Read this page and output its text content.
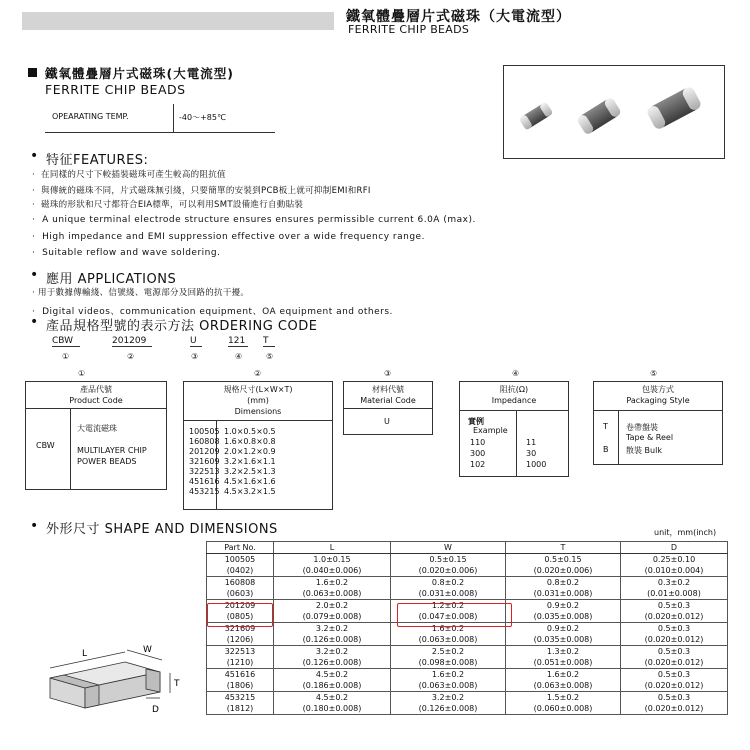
鐵氧體疊層片式磁珠（大電流型）
FERRITE CHIP BEADS
鐵氧體疊層片式磁珠(大電流型)
FERRITE CHIP BEADS
OPEARATING TEMP.	-40～+85℃
• 特征FEATURES:
·  在同樣的尺寸下較插裝磁珠可產生較高的阻抗值
·  與傳統的磁珠不同，片式磁珠無引綫，只要簡單的安裝到PCB板上就可抑制EMI和RFI
·  磁珠的形狀和尺寸都符合EIA標準，可以利用SMT設備進行自動貼裝
·  A unique terminal electrode structure ensures ensures permissible current 6.0A (max).
·  High impedance and EMI suppression effective over a wide frequency range.
·  Suitable reflow and wave soldering.
• 應用 APPLICATIONS
· 用于數據傳輸綫、信號綫、電源部分及回路的抗干擾。
·  Digital videos、communication equipment、OA equipment and others.
• 產品規格型號的表示方法 ORDERING CODE
CBW	201209	U	121	T
①	②	③	④	⑤
①
產品代號
Product Code
CBW
大電流磁珠
MULTILAYER CHIP POWER BEADS
②
規格尺寸(L×W×T)
(mm)
Dimensions
100505 1.0×0.5×0.5
160808 1.6×0.8×0.8
201209 2.0×1.2×0.9
321609 3.2×1.6×1.1
322513 3.2×2.5×1.3
451616 4.5×1.6×1.6
453215 4.5×3.2×1.5
③
材料代號
Material Code
U
④
阻抗(Ω)
Impedance
實例
Example
110	11
300	30
102	1000
⑤
包裝方式
Packaging Style
T 卷帶盤裝
Tape & Reel
B 散裝 Bulk
• 外形尺寸 SHAPE AND DIMENSIONS	unit，mm(inch)
L	W
T
D
Part No.	L	W	T	D
100505	1.0±0.15	0.5±0.15	0.5±0.15	0.25±0.10
(0402)	(0.040±0.006)	(0.020±0.006)	(0.020±0.006)	(0.010±0.004)
160808	1.6±0.2	0.8±0.2	0.8±0.2	0.3±0.2
(0603)	(0.063±0.008)	(0.031±0.008)	(0.031±0.008)	(0.01±0.008)
201209	2.0±0.2	1.2±0.2	0.9±0.2	0.5±0.3
(0805)	(0.079±0.008)	(0.047±0.008)	(0.035±0.008)	(0.020±0.012)
321609	3.2±0.2	1.6±0.2	0.9±0.2	0.5±0.3
(1206)	(0.126±0.008)	(0.063±0.008)	(0.035±0.008)	(0.020±0.012)
322513	3.2±0.2	2.5±0.2	1.3±0.2	0.5±0.3
(1210)	(0.126±0.008)	(0.098±0.008)	(0.051±0.008)	(0.020±0.012)
451616	4.5±0.2	1.6±0.2	1.6±0.2	0.5±0.3
(1806)	(0.186±0.008)	(0.063±0.008)	(0.063±0.008)	(0.020±0.012)
453215	4.5±0.2	3.2±0.2	1.5±0.2	0.5±0.3
(1812)	(0.180±0.008)	(0.126±0.008)	(0.060±0.008)	(0.020±0.012)
